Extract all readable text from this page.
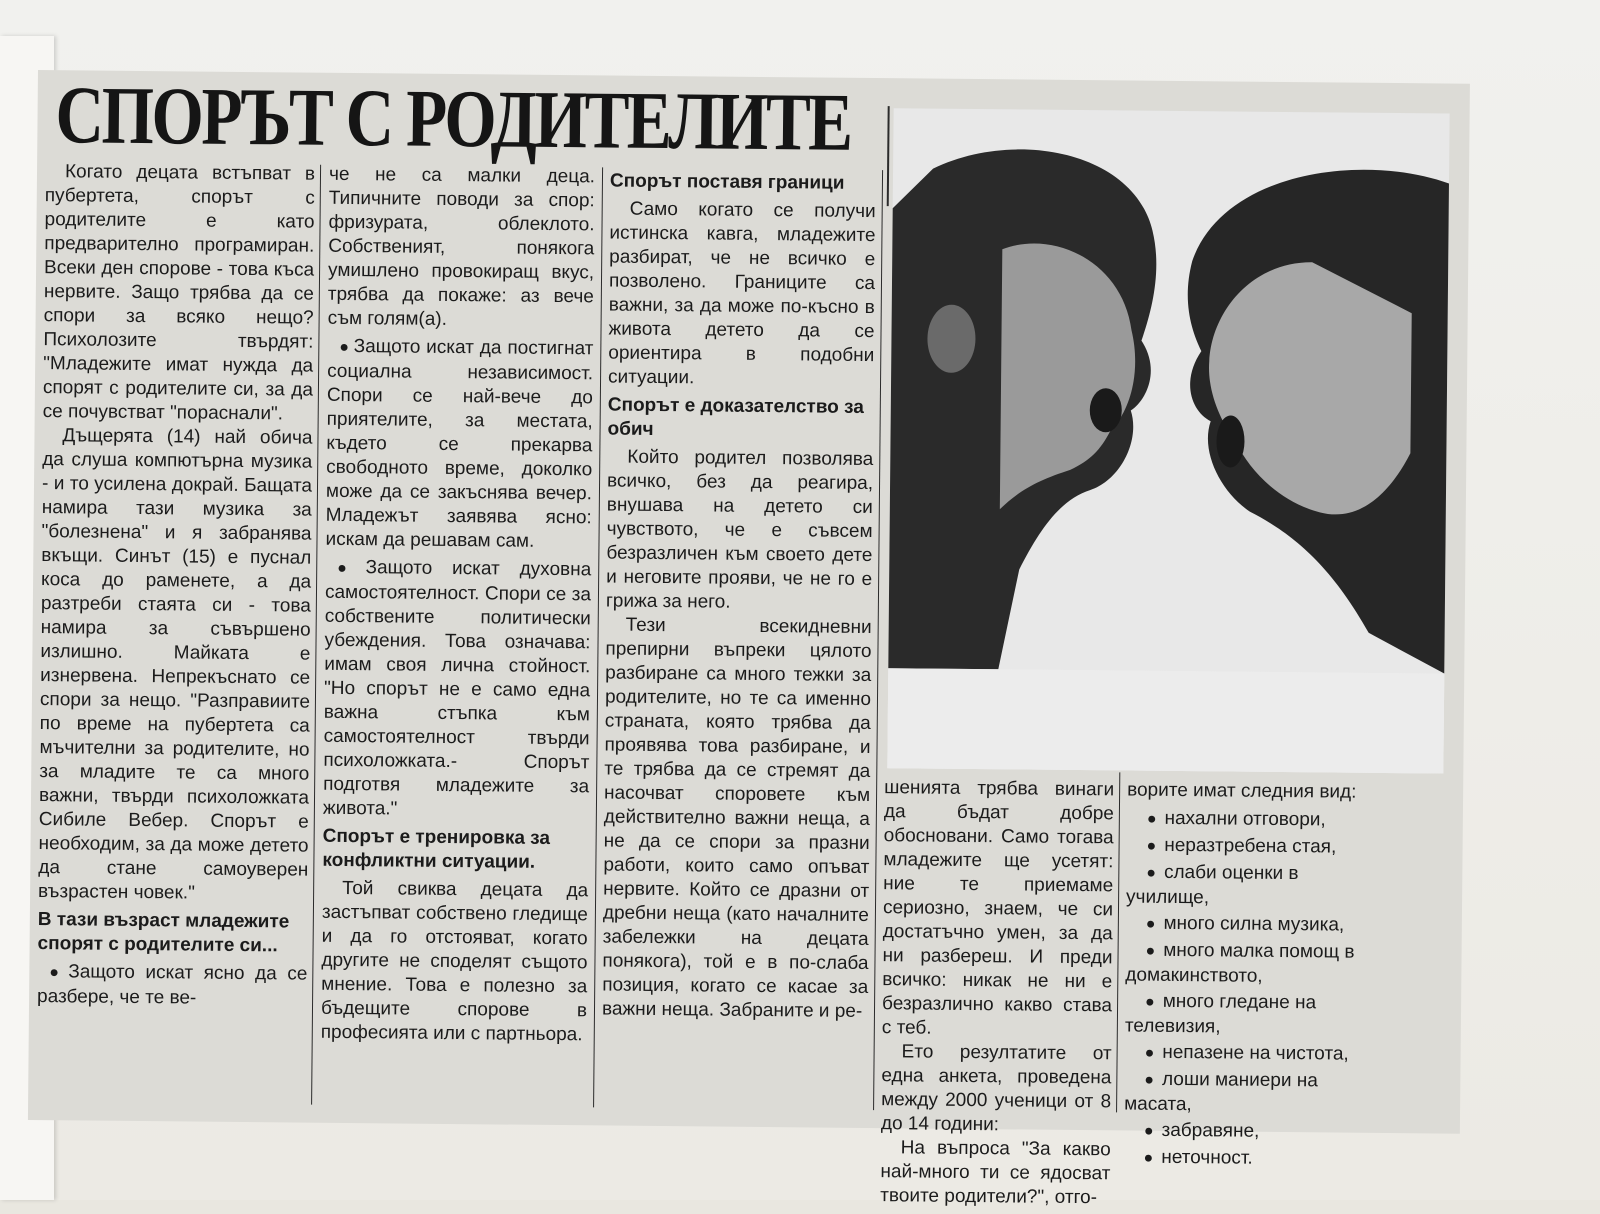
СПОРЪТ С РОДИТЕЛИТЕ

Когато децата встъпват в пубертета, спорът с родителите е като предварително програмиран. Всеки ден спорове - това къса нервите. Защо трябва да се спори за всяко нещо? Психолозите твърдят: "Младежите имат нужда да спорят с родителите си, за да се почувстват "пораснали".

Дъщерята (14) най обича да слуша компютърна музика - и то усилена докрай. Бащата намира тази музика за "болезнена" и я забранява вкъщи. Синът (15) е пуснал коса до раменете, а да разтреби стаята си - това намира за съвършено излишно. Майката е изнервена. Непрекъснато се спори за нещо. "Разправиите по време на пубертета са мъчителни за родителите, но за младите те са много важни, твърди психоложката Сибиле Вебер. Спорът е необходим, за да може детето да стане самоуверен възрастен човек."

В тази възраст младежите спорят с родителите си...

● Защото искат ясно да се разбере, че те ве-

че не са малки деца. Типичните поводи за спор: фризурата, облеклото. Собственият, понякога умишлено провокиращ вкус, трябва да покаже: аз вече съм голям(а).

● Защото искат да постигнат социална независимост. Спори се най-вече до приятелите, за местата, където се прекарва свободното време, доколко може да се закъснява вечер. Младежът заявява ясно: искам да решавам сам.

● Защото искат духовна самостоятелност. Спори се за собствените политически убеждения. Това означава: имам своя лична стойност. "Но спорът не е само една важна стъпка към самостоятелност твърди психоложката.- Спорът подготвя младежите за живота."

Спорът е тренировка за конфликтни ситуации.

Той свиква децата да застъпват собствено гледище и да го отстояват, когато другите не споделят същото мнение. Това е полезно за бъдещите спорове в професията или с партньора.

Спорът поставя граници

Само когато се получи истинска кавга, младежите разбират, че не всичко е позволено. Границите са важни, за да може по-късно в живота детето да се ориентира в подобни ситуации.

Спорът е доказателство за обич

Който родител позволява всичко, без да реагира, внушава на детето си чувството, че е съвсем безразличен към своето дете и неговите прояви, че не го е грижа за него.

Тези всекидневни препирни въпреки цялото разбиране са много тежки за родителите, но те са именно страната, която трябва да проявява това разбиране, и те трябва да се стремят да насочват споровете към действително важни неща, а не да се спори за празни работи, които само опъват нервите. Който се дразни от дребни неща (като началните забележки на децата понякога), той е в по-слаба позиция, когато се касае за важни неща. Забраните и ре-

шенията трябва винаги да бъдат добре обосновани. Само тогава младежите ще усетят: ние те приемаме сериозно, знаем, че си достатъчно умен, за да ни разбереш. И преди всичко: никак не ни е безразлично какво става с теб.

Ето резултатите от една анкета, проведена между 2000 ученици от 8 до 14 години:

На въпроса "За какво най-много ти се ядосват твоите родители?", отго-

ворите имат следния вид:

● нахални отговори,
● неразтребена стая,
● слаби оценки в училище,
● много силна музика,
● много малка помощ в домакинството,
● много гледане на телевизия,
● непазене на чистота,
● лоши маниери на масата,
● забравяне,
● неточност.
